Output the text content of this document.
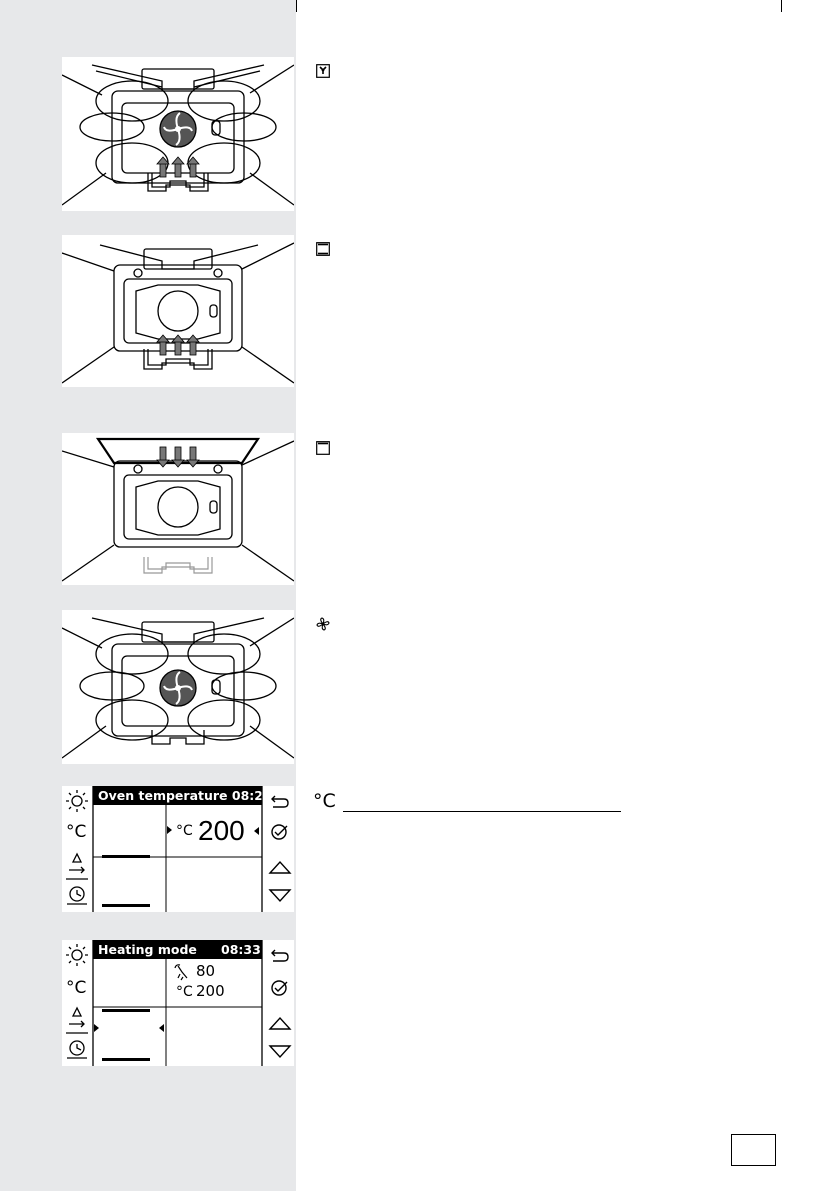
°C
Oven temperature 08:24
°C 200
°C
°C
Heating mode 08:33
80
°C 200
